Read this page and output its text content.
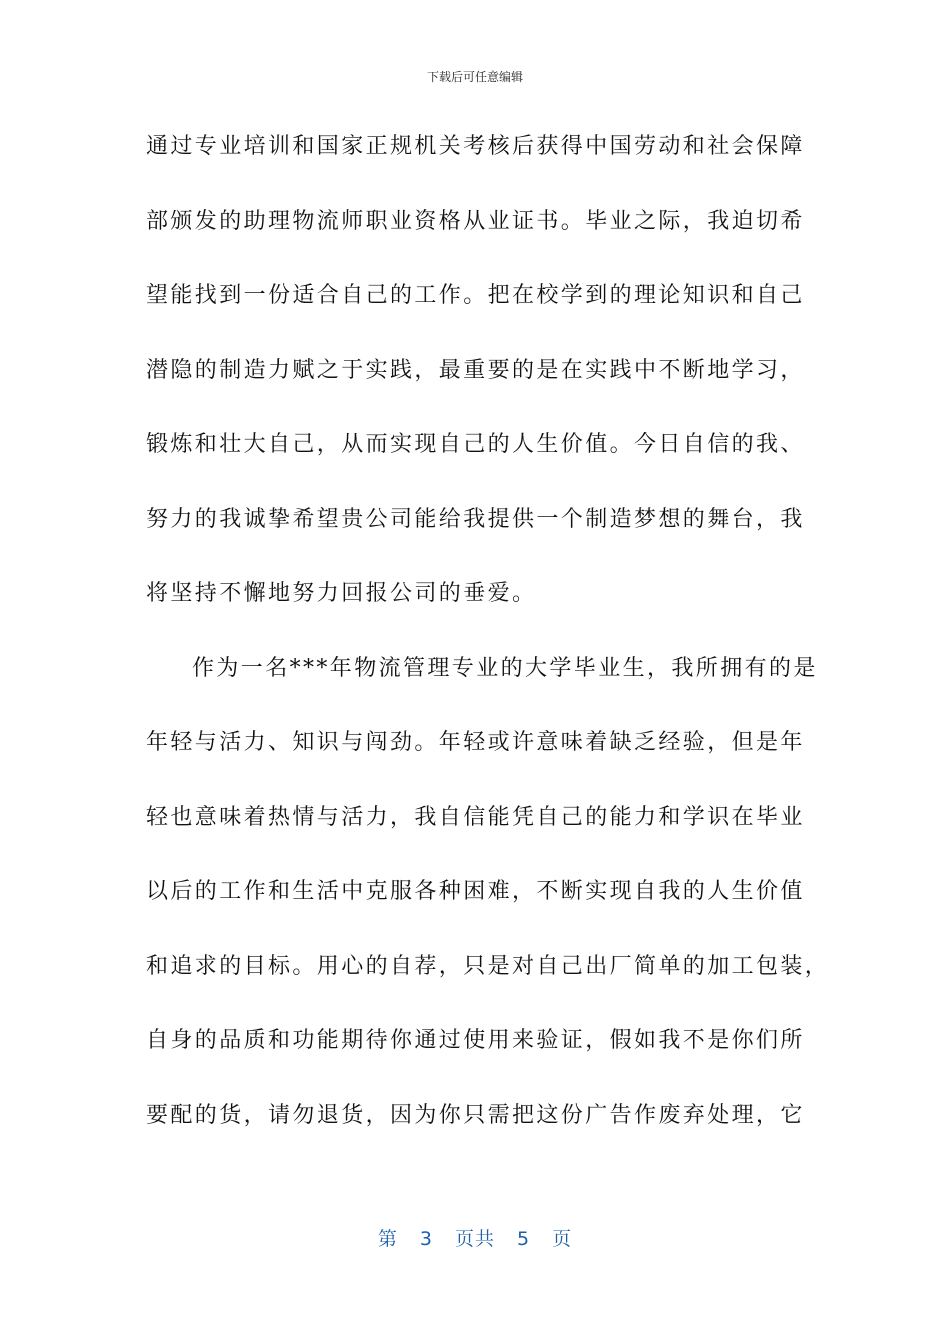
下载后可任意编辑
通过专业培训和国家正规机关考核后获得中国劳动和社会保障
部颁发的助理物流师职业资格从业证书。毕业之际，我迫切希
望能找到一份适合自己的工作。把在校学到的理论知识和自己
潜隐的制造力赋之于实践，最重要的是在实践中不断地学习，
锻炼和壮大自己，从而实现自己的人生价值。今日自信的我、
努力的我诚挚希望贵公司能给我提供一个制造梦想的舞台，我
将坚持不懈地努力回报公司的垂爱。
作为一名***年物流管理专业的大学毕业生，我所拥有的是
年轻与活力、知识与闯劲。年轻或许意味着缺乏经验，但是年
轻也意味着热情与活力，我自信能凭自己的能力和学识在毕业
以后的工作和生活中克服各种困难，不断实现自我的人生价值
和追求的目标。用心的自荐，只是对自己出厂简单的加工包装，
自身的品质和功能期待你通过使用来验证，假如我不是你们所
要配的货，请勿退货，因为你只需把这份广告作废弃处理，它
第 3 页共 5 页
